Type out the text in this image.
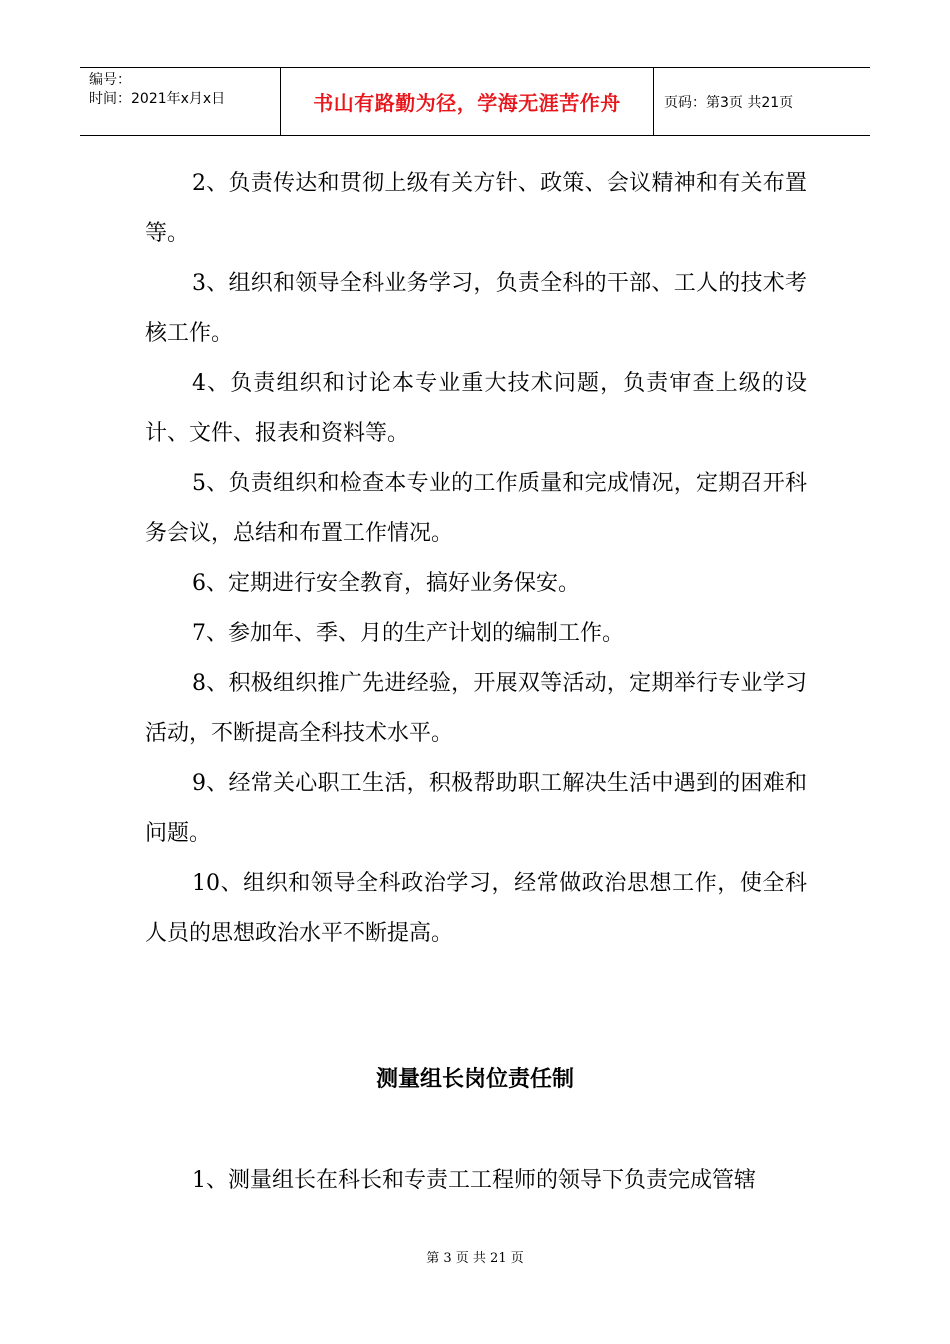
编号：
时间：2021年x月x日	书山有路勤为径，学海无涯苦作舟	页码：第3页 共21页

2、负责传达和贯彻上级有关方针、政策、会议精神和有关布置等。

3、组织和领导全科业务学习，负责全科的干部、工人的技术考核工作。

4、负责组织和讨论本专业重大技术问题，负责审查上级的设计、文件、报表和资料等。

5、负责组织和检查本专业的工作质量和完成情况，定期召开科务会议，总结和布置工作情况。

6、定期进行安全教育，搞好业务保安。

7、参加年、季、月的生产计划的编制工作。

8、积极组织推广先进经验，开展双等活动，定期举行专业学习活动，不断提高全科技术水平。

9、经常关心职工生活，积极帮助职工解决生活中遇到的困难和问题。

10、组织和领导全科政治学习，经常做政治思想工作，使全科人员的思想政治水平不断提高。

测量组长岗位责任制

1、测量组长在科长和专责工工程师的领导下负责完成管辖

第 3 页 共 21 页
